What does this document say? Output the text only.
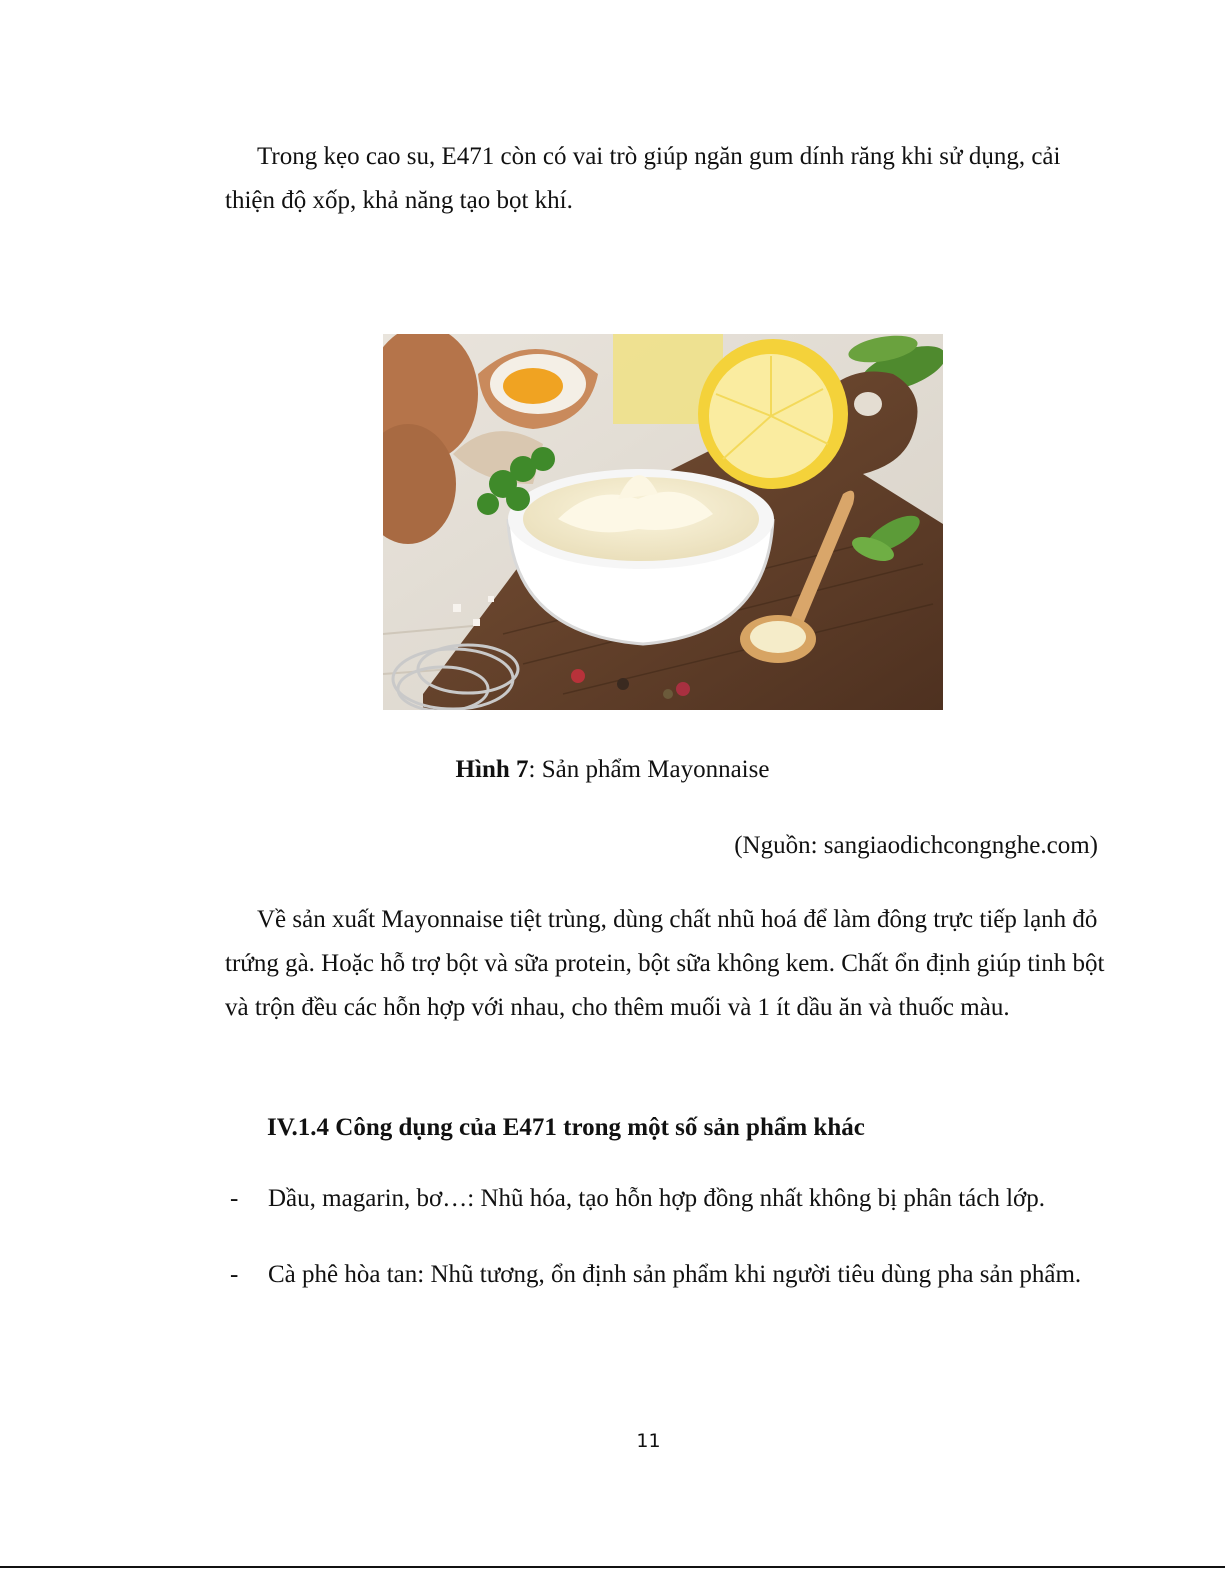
Trong kẹo cao su, E471 còn có vai trò giúp ngăn gum dính răng khi sử dụng, cải thiện độ xốp, khả năng tạo bọt khí.

Hình 7: Sản phẩm Mayonnaise

(Nguồn: sangiaodichcongnghe.com)

Về sản xuất Mayonnaise tiệt trùng, dùng chất nhũ hoá để làm đông trực tiếp lạnh đỏ trứng gà. Hoặc hỗ trợ bột và sữa protein, bột sữa không kem. Chất ổn định giúp tinh bột và trộn đều các hỗn hợp với nhau, cho thêm muối và 1 ít dầu ăn và thuốc màu.

IV.1.4 Công dụng của E471 trong một số sản phẩm khác

- Dầu, magarin, bơ…: Nhũ hóa, tạo hỗn hợp đồng nhất không bị phân tách lớp.
- Cà phê hòa tan: Nhũ tương, ổn định sản phẩm khi người tiêu dùng pha sản phẩm.

11
